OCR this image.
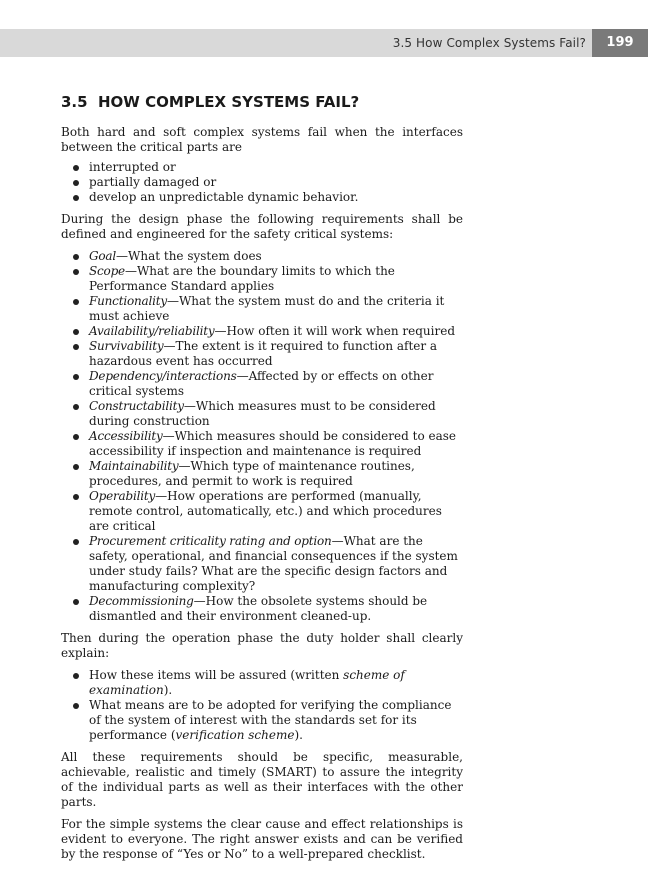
3.5 How Complex Systems Fail?	199
3.5 HOW COMPLEX SYSTEMS FAIL?

Both hard and soft complex systems fail when the interfaces between the critical parts are

interrupted or
partially damaged or
develop an unpredictable dynamic behavior.

During the design phase the following requirements shall be defined and engineered for the safety critical systems:

Goal—What the system does
Scope—What are the boundary limits to which the Performance Standard applies
Functionality—What the system must do and the criteria it must achieve
Availability/reliability—How often it will work when required
Survivability—The extent is it required to function after a hazardous event has occurred
Dependency/interactions—Affected by or effects on other critical systems
Constructability—Which measures must to be considered during construction
Accessibility—Which measures should be considered to ease accessibility if inspection and maintenance is required
Maintainability—Which type of maintenance routines, procedures, and permit to work is required
Operability—How operations are performed (manually, remote control, automatically, etc.) and which procedures are critical
Procurement criticality rating and option—What are the safety, operational, and financial consequences if the system under study fails? What are the specific design factors and manufacturing complexity?
Decommissioning—How the obsolete systems should be dismantled and their environment cleaned-up.

Then during the operation phase the duty holder shall clearly explain:

How these items will be assured (written scheme of examination).
What means are to be adopted for verifying the compliance of the system of interest with the standards set for its performance (verification scheme).

All these requirements should be specific, measurable, achievable, realistic and timely (SMART) to assure the integrity of the individual parts as well as their interfaces with the other parts.

For the simple systems the clear cause and effect relationships is evident to everyone. The right answer exists and can be verified by the response of “Yes or No” to a well-prepared checklist.
